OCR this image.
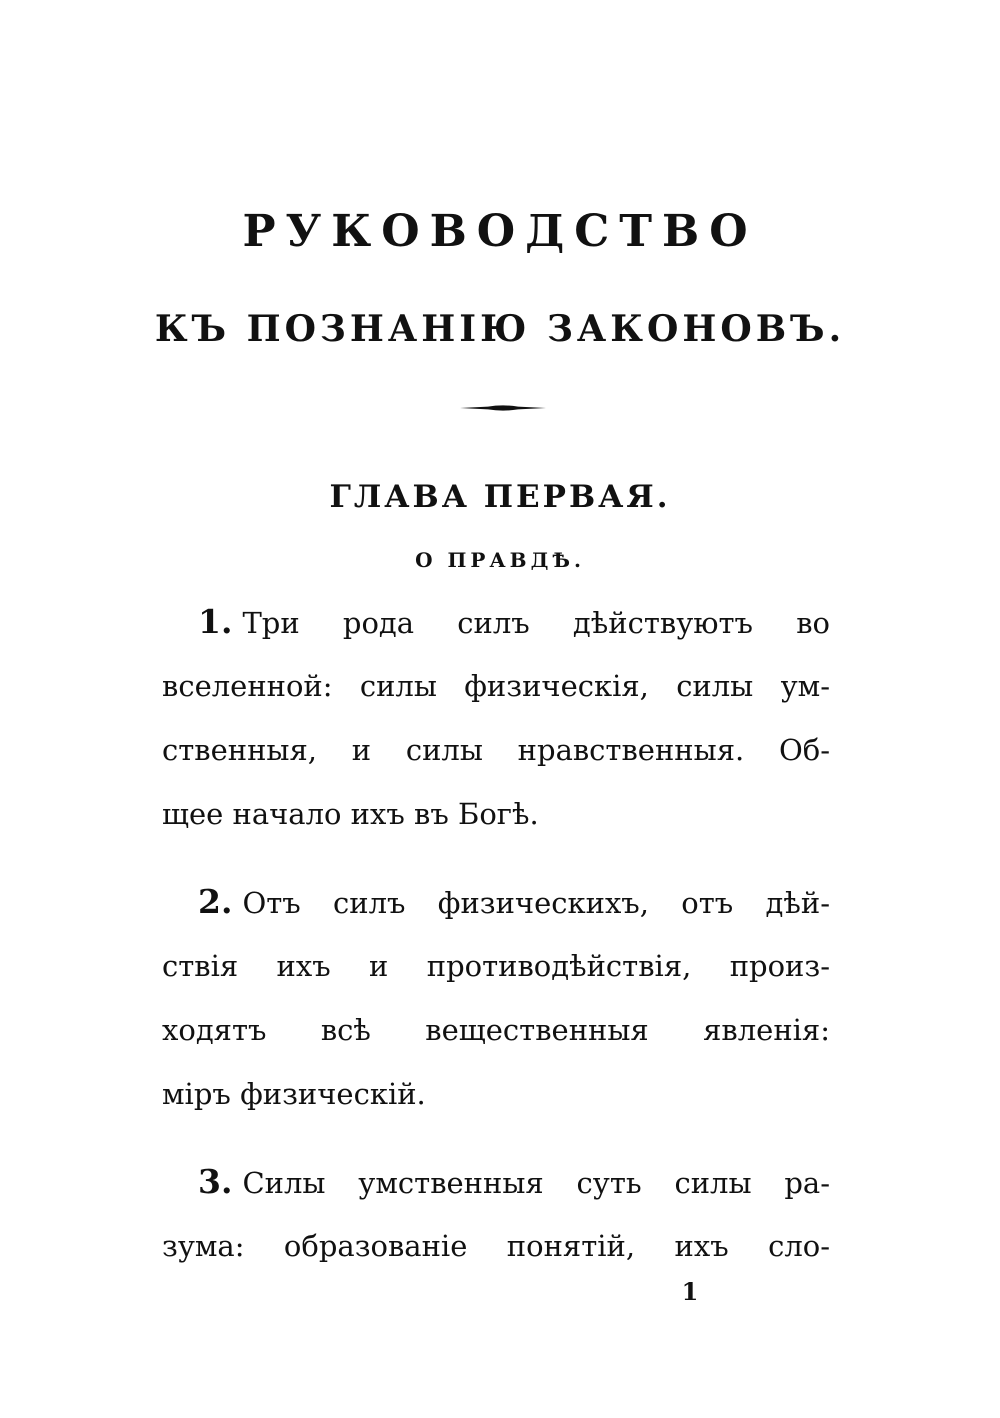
РУКОВОДСТВО
КЪ ПОЗНАНІЮ ЗАКОНОВЪ.
ГЛАВА ПЕРВАЯ.
О ПРАВДѢ.
1. Три рода силъ дѣйствуютъ во
вселенной: силы физическія, силы ум-
ственныя, и силы нравственныя. Об-
щее начало ихъ въ Богѣ.
2. Отъ силъ физическихъ, отъ дѣй-
ствія ихъ и противодѣйствія, произ-
ходятъ всѣ вещественныя явленія:
міръ физическій.
3. Силы умственныя суть силы ра-
зума: образованіе понятій, ихъ сло-
1
